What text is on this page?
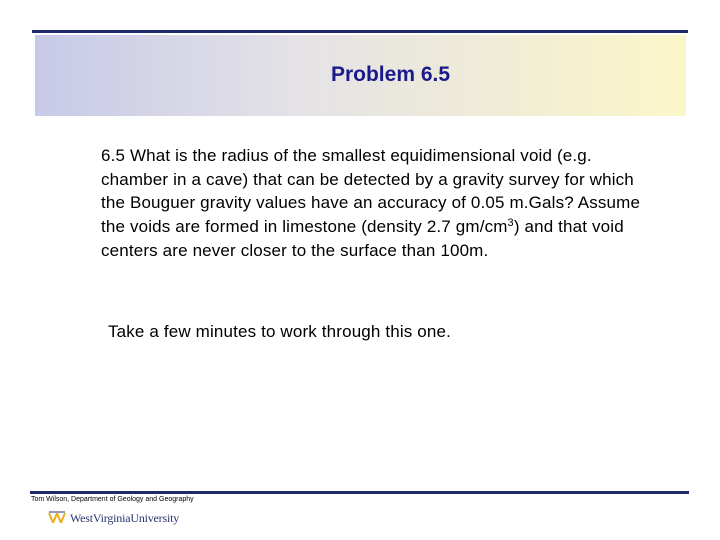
Problem 6.5

6.5 What is the radius of the smallest equidimensional void (e.g. chamber in a cave) that can be detected by a gravity survey for which the Bouguer gravity values have an accuracy of 0.05 m.Gals? Assume the voids are formed in limestone (density 2.7 $gm/cm^3$) and that void centers are never closer to the surface than 100m.

Take a few minutes to work through this one.

Tom Wilson, Department of Geology and Geography
WestVirginiaUniversity
